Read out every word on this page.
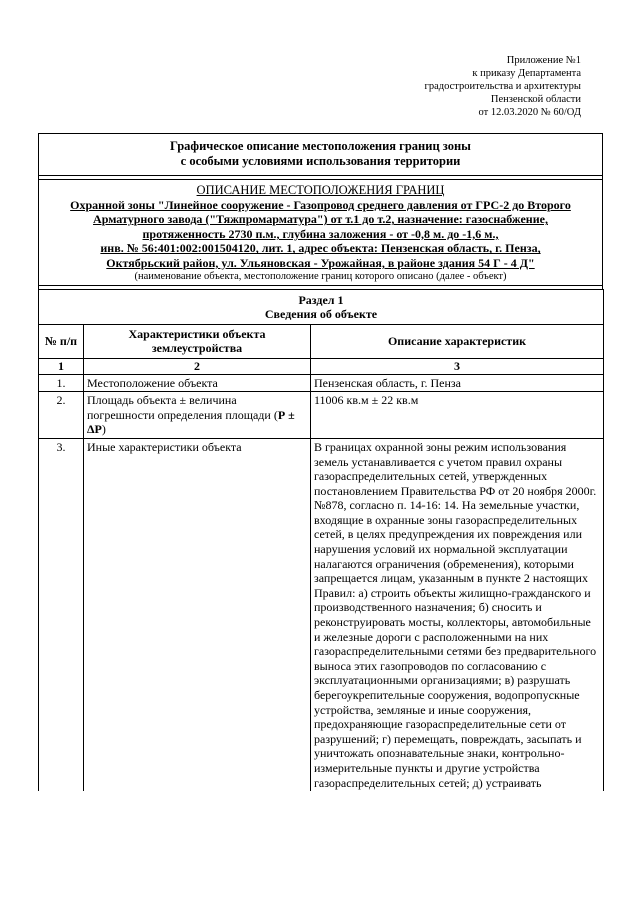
Приложение №1
к приказу Департамента
градостроительства и архитектуры
Пензенской области
от 12.03.2020 № 60/ОД
Графическое описание местоположения границ зоны
с особыми условиями использования территории
ОПИСАНИЕ МЕСТОПОЛОЖЕНИЯ ГРАНИЦ
Охранной зоны "Линейное сооружение - Газопровод среднего давления от ГРС-2 до Второго
Арматурного завода ("Тяжпромарматура") от т.1 до т.2, назначение: газоснабжение,
протяженность 2730 п.м., глубина заложения - от -0,8 м. до -1,6 м.,
инв. № 56:401:002:001504120, лит. 1, адрес объекта: Пензенская область, г. Пенза,
Октябрьский район, ул. Ульяновская - Урожайная, в районе здания 54 Г - 4 Д"
(наименование объекта, местоположение границ которого описано (далее - объект)
Раздел 1
Сведения об объекте		

№ п/п	Характеристики объекта землеустройства	Описание характеристик
1	2	3
1.	Местоположение объекта	Пензенская область, г. Пенза
2.	Площадь объекта ± величина погрешности определения площади (Р ± ΔР)	11006 кв.м ± 22 кв.м
3.	Иные характеристики объекта	В границах охранной зоны режим использования земель устанавливается с учетом правил охраны газораспределительных сетей, утвержденных постановлением Правительства РФ от 20 ноября 2000г. №878, согласно п. 14-16: 14. На земельные участки, входящие в охранные зоны газораспределительных сетей, в целях предупреждения их повреждения или нарушения условий их нормальной эксплуатации налагаются ограничения (обременения), которыми запрещается лицам, указанным в пункте 2 настоящих Правил: а) строить объекты жилищно-гражданского и производственного назначения; б) сносить и реконструировать мосты, коллекторы, автомобильные и железные дороги с расположенными на них газораспределительными сетями без предварительного выноса этих газопроводов по согласованию с эксплуатационными организациями; в) разрушать берегоукрепительные сооружения, водопропускные устройства, земляные и иные сооружения, предохраняющие газораспределительные сети от разрушений; г) перемещать, повреждать, засыпать и уничтожать опознавательные знаки, контрольно-измерительные пункты и другие устройства газораспределительных сетей; д) устраивать
